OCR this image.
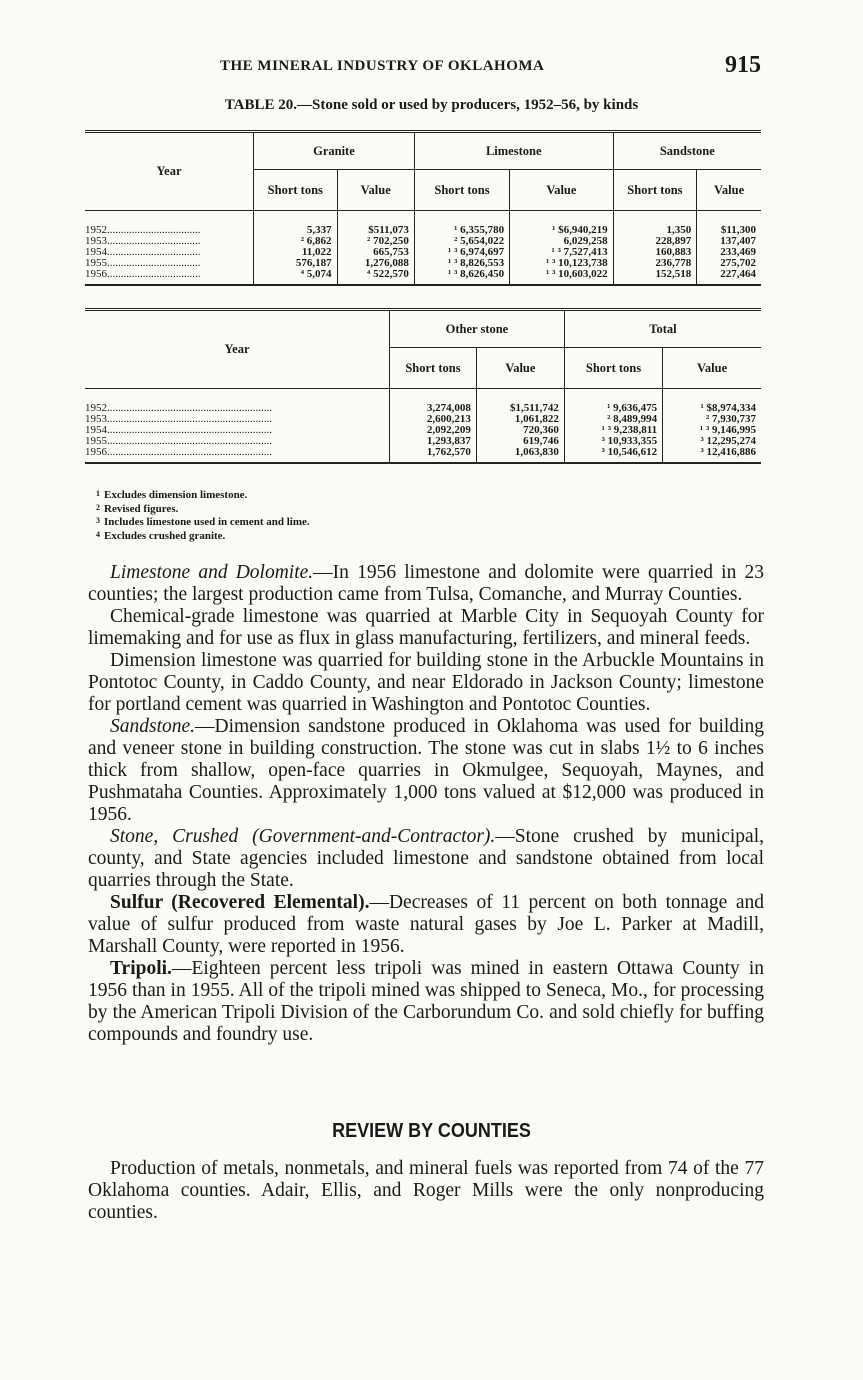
THE MINERAL INDUSTRY OF OKLAHOMA	915
TABLE 20.—Stone sold or used by producers, 1952–56, by kinds
Year	Granite		Limestone		Sandstone	
	Short tons	Value	Short tons	Value	Short tons	Value
1952..................................	5,337	$511,073	¹ 6,355,780	¹ $6,940,219	1,350	$11,300
1953..................................	² 6,862	² 702,250	² 5,654,022	6,029,258	228,897	137,407
1954..................................	11,022	665,753	¹ ³ 6,974,697	¹ ³ 7,527,413	160,883	233,469
1955..................................	576,187	1,276,088	¹ ³ 8,826,553	¹ ³ 10,123,738	236,778	275,702
1956..................................	⁴ 5,074	⁴ 522,570	¹ ³ 8,626,450	¹ ³ 10,603,022	152,518	227,464
Year	Other stone		Total	
	Short tons	Value	Short tons	Value
1952............................................................	3,274,008	$1,511,742	¹ 9,636,475	¹ $8,974,334
1953............................................................	2,600,213	1,061,822	² 8,489,994	² 7,930,737
1954............................................................	2,092,209	720,360	¹ ³ 9,238,811	¹ ³ 9,146,995
1955............................................................	1,293,837	619,746	³ 10,933,355	³ 12,295,274
1956............................................................	1,762,570	1,063,830	³ 10,546,612	³ 12,416,886
1 Excludes dimension limestone.
2 Revised figures.
3 Includes limestone used in cement and lime.
4 Excludes crushed granite.

Limestone and Dolomite.—In 1956 limestone and dolomite were quarried in 23 counties; the largest production came from Tulsa, Comanche, and Murray Counties.

Chemical-grade limestone was quarried at Marble City in Sequoyah County for limemaking and for use as flux in glass manufacturing, fertilizers, and mineral feeds.

Dimension limestone was quarried for building stone in the Arbuckle Mountains in Pontotoc County, in Caddo County, and near Eldorado in Jackson County; limestone for portland cement was quarried in Washington and Pontotoc Counties.

Sandstone.—Dimension sandstone produced in Oklahoma was used for building and veneer stone in building construction. The stone was cut in slabs 1½ to 6 inches thick from shallow, open-face quarries in Okmulgee, Sequoyah, Maynes, and Pushmataha Counties. Approximately 1,000 tons valued at $12,000 was produced in 1956.

Stone, Crushed (Government-and-Contractor).—Stone crushed by municipal, county, and State agencies included limestone and sandstone obtained from local quarries through the State.

Sulfur (Recovered Elemental).—Decreases of 11 percent on both tonnage and value of sulfur produced from waste natural gases by Joe L. Parker at Madill, Marshall County, were reported in 1956.

Tripoli.—Eighteen percent less tripoli was mined in eastern Ottawa County in 1956 than in 1955. All of the tripoli mined was shipped to Seneca, Mo., for processing by the American Tripoli Division of the Carborundum Co. and sold chiefly for buffing compounds and foundry use.

REVIEW BY COUNTIES

Production of metals, nonmetals, and mineral fuels was reported from 74 of the 77 Oklahoma counties. Adair, Ellis, and Roger Mills were the only nonproducing counties.
